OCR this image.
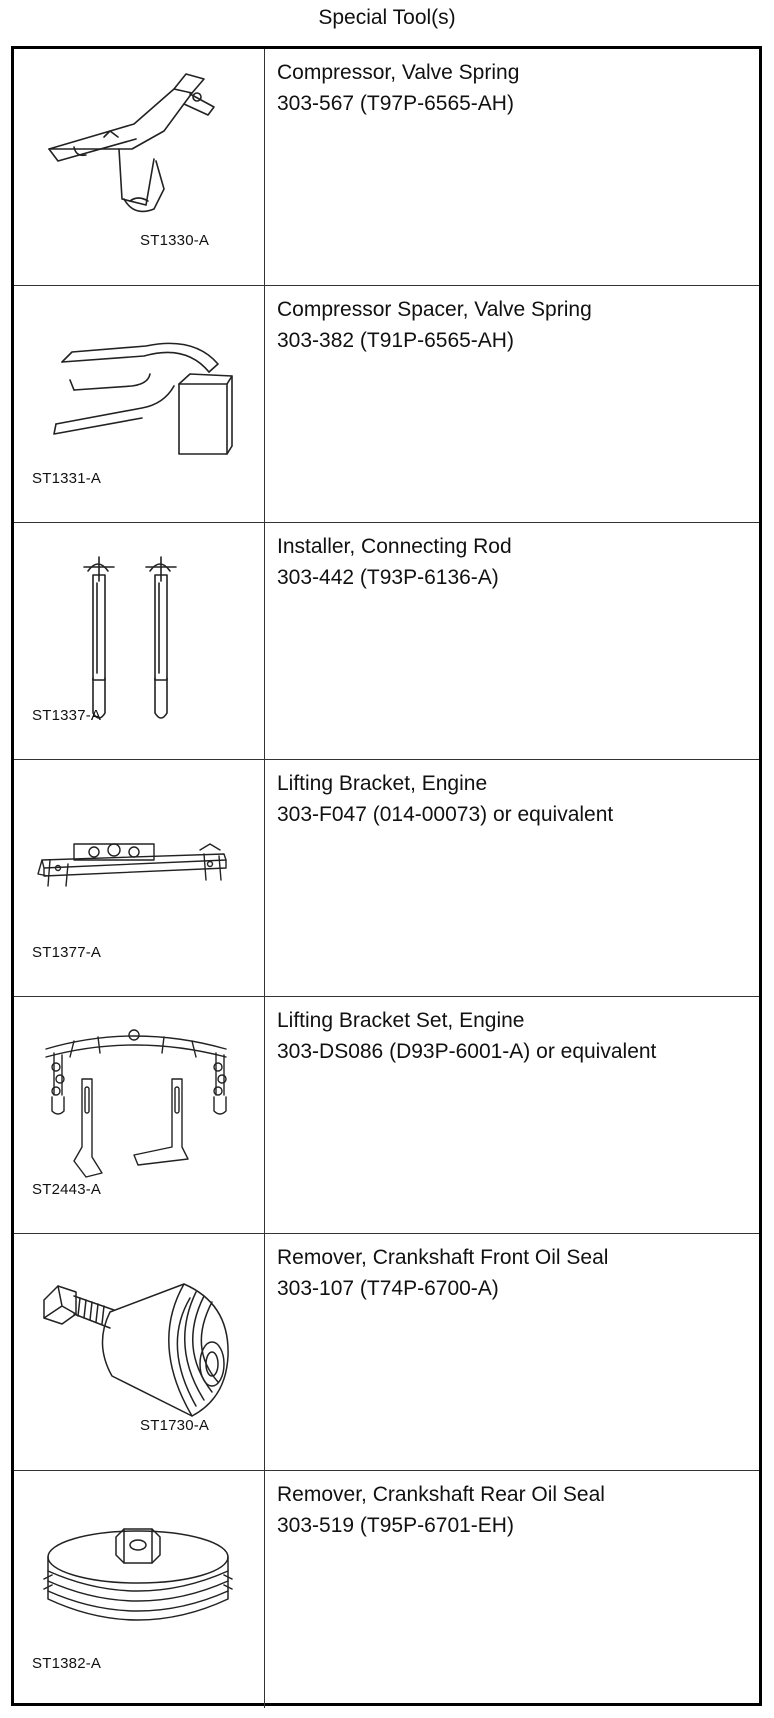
Special Tool(s)
ST1330-A
Compressor, Valve Spring
303-567 (T97P-6565-AH)
ST1331-A
Compressor Spacer, Valve Spring
303-382 (T91P-6565-AH)
ST1337-A
Installer, Connecting Rod
303-442 (T93P-6136-A)
ST1377-A
Lifting Bracket, Engine
303-F047 (014-00073) or equivalent
ST2443-A
Lifting Bracket Set, Engine
303-DS086 (D93P-6001-A) or equivalent
ST1730-A
Remover, Crankshaft Front Oil Seal
303-107 (T74P-6700-A)
ST1382-A
Remover, Crankshaft Rear Oil Seal
303-519 (T95P-6701-EH)
